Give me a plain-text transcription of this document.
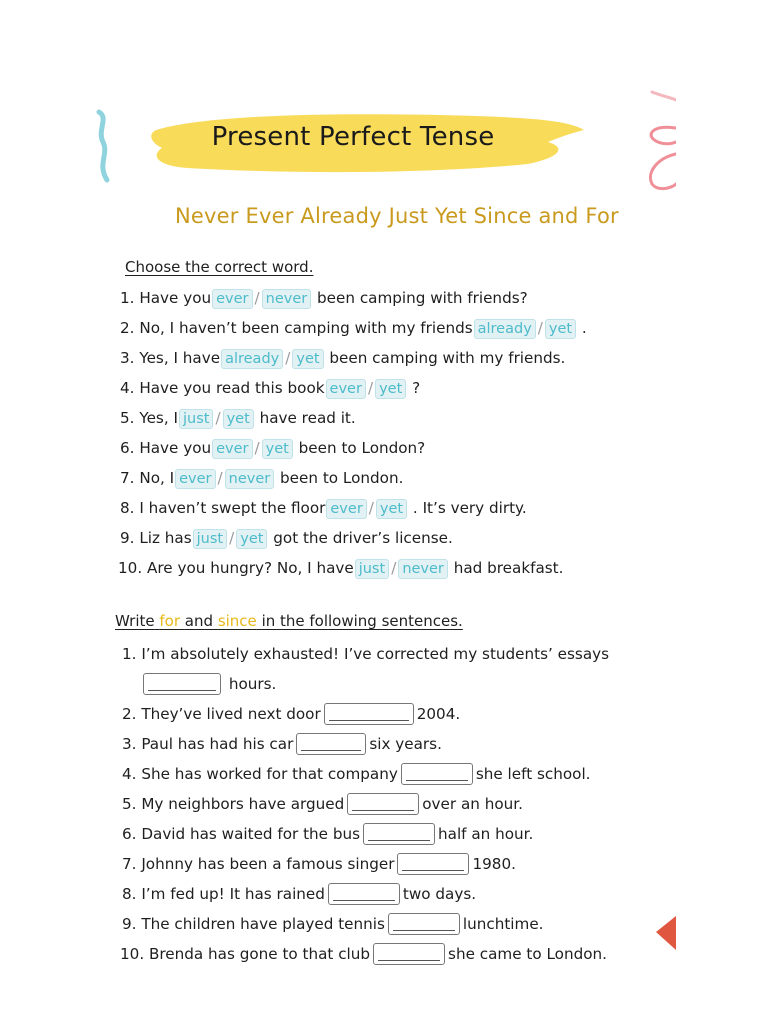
Present Perfect Tense
Never Ever Already Just Yet Since and For
Choose the correct word.
1. Have you ever / never been camping with friends?
2. No, I haven’t been camping with my friends already / yet .
3. Yes, I have already / yet been camping with my friends.
4. Have you read this book ever / yet ?
5. Yes, I just / yet have read it.
6. Have you ever / yet been to London?
7. No, I ever / never been to London.
8. I haven’t swept the floor ever / yet . It’s very dirty.
9. Liz has just / yet got the driver’s license.
10. Are you hungry? No, I have just / never had breakfast.
Write for and since in the following sentences.
1. I’m absolutely exhausted! I’ve corrected my students’ essays
hours.
2. They’ve lived next door	2004.
3. Paul has had his car	six years.
4. She has worked for that company	she left school.
5. My neighbors have argued	over an hour.
6. David has waited for the bus	half an hour.
7. Johnny has been a famous singer	1980.
8. I’m fed up! It has rained	two days.
9. The children have played tennis	lunchtime.
10. Brenda has gone to that club	she came to London.
